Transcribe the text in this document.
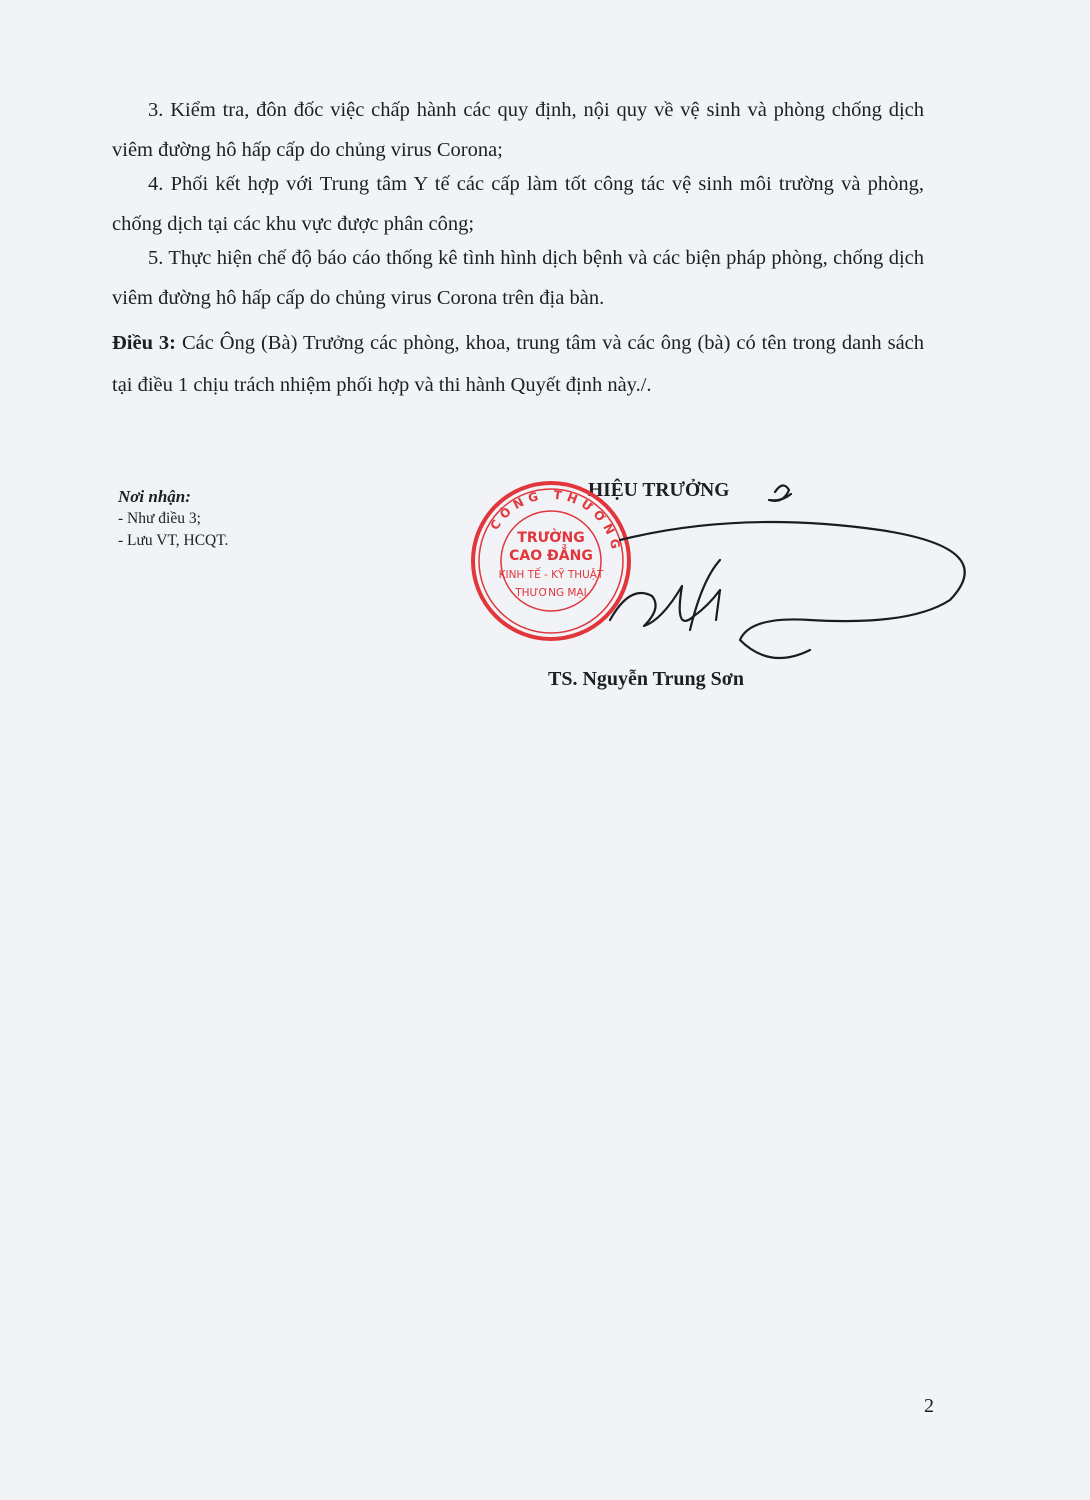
3. Kiểm tra, đôn đốc việc chấp hành các quy định, nội quy về vệ sinh và phòng chống dịch viêm đường hô hấp cấp do chủng virus Corona;

4. Phối kết hợp với Trung tâm Y tế các cấp làm tốt công tác vệ sinh môi trường và phòng, chống dịch tại các khu vực được phân công;

5. Thực hiện chế độ báo cáo thống kê tình hình dịch bệnh và các biện pháp phòng, chống dịch viêm đường hô hấp cấp do chủng virus Corona trên địa bàn.

Điều 3: Các Ông (Bà) Trưởng các phòng, khoa, trung tâm và các ông (bà) có tên trong danh sách tại điều 1 chịu trách nhiệm phối hợp và thi hành Quyết định này./.

Nơi nhận:
- Như điều 3;
- Lưu VT, HCQT.
HIỆU TRƯỞNG
CÔNG THƯƠNG
TRƯỜNG
CAO ĐẲNG
KINH TẾ - KỸ THUẬT
THƯƠNG MẠI
TS. Nguyễn Trung Sơn
2
